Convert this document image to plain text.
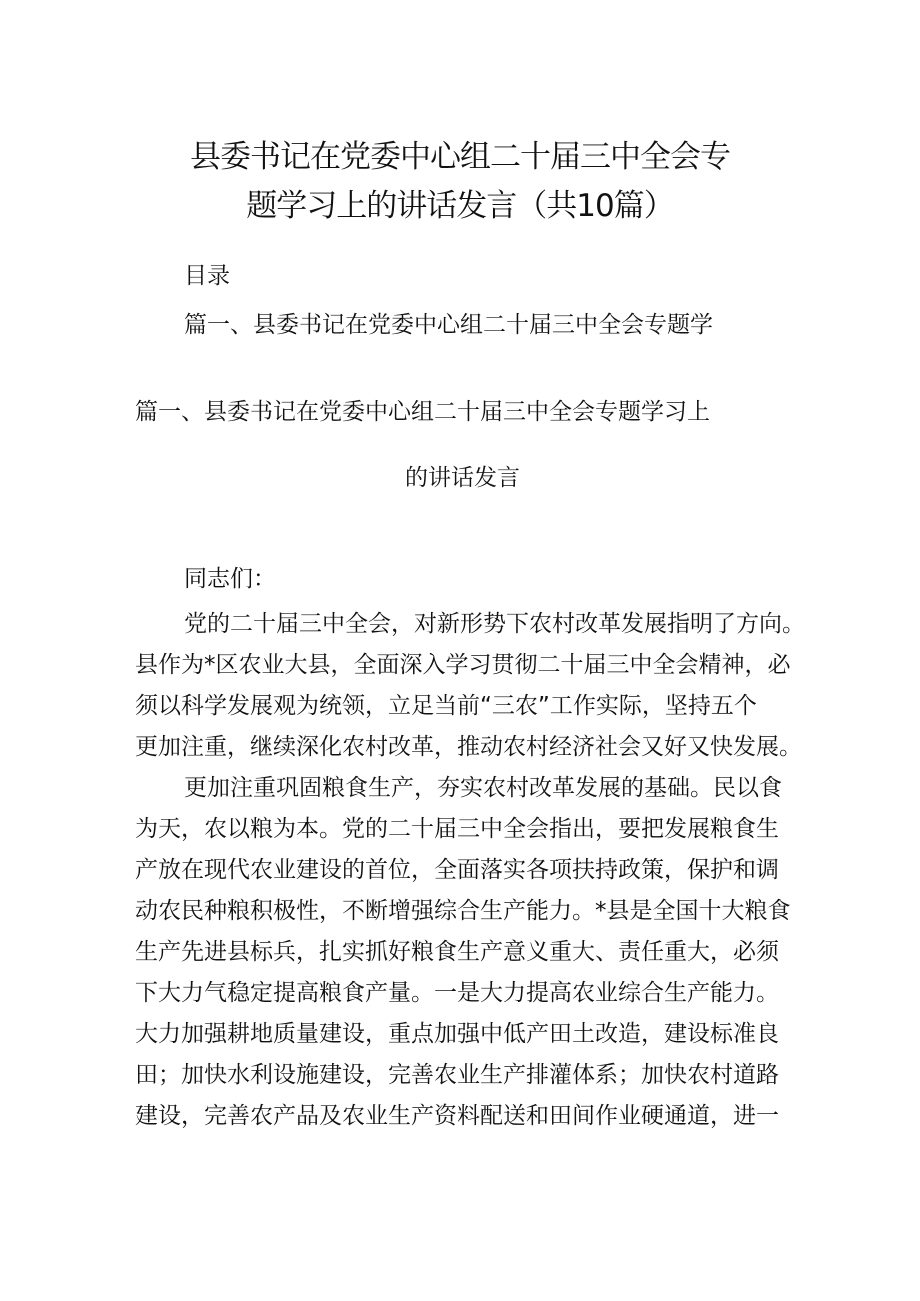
县委书记在党委中心组二十届三中全会专
题学习上的讲话发言（共10篇）
目录
篇一、县委书记在党委中心组二十届三中全会专题学
篇一、县委书记在党委中心组二十届三中全会专题学习上
的讲话发言
同志们：
党的二十届三中全会，对新形势下农村改革发展指明了方向。
县作为*区农业大县，全面深入学习贯彻二十届三中全会精神，必
须以科学发展观为统领，立足当前“三农”工作实际，坚持五个
更加注重，继续深化农村改革，推动农村经济社会又好又快发展。
更加注重巩固粮食生产，夯实农村改革发展的基础。民以食
为天，农以粮为本。党的二十届三中全会指出，要把发展粮食生
产放在现代农业建设的首位，全面落实各项扶持政策，保护和调
动农民种粮积极性，不断增强综合生产能力。*县是全国十大粮食
生产先进县标兵，扎实抓好粮食生产意义重大、责任重大，必须
下大力气稳定提高粮食产量。一是大力提高农业综合生产能力。
大力加强耕地质量建设，重点加强中低产田土改造，建设标准良
田；加快水利设施建设，完善农业生产排灌体系；加快农村道路
建设，完善农产品及农业生产资料配送和田间作业硬通道，进一
